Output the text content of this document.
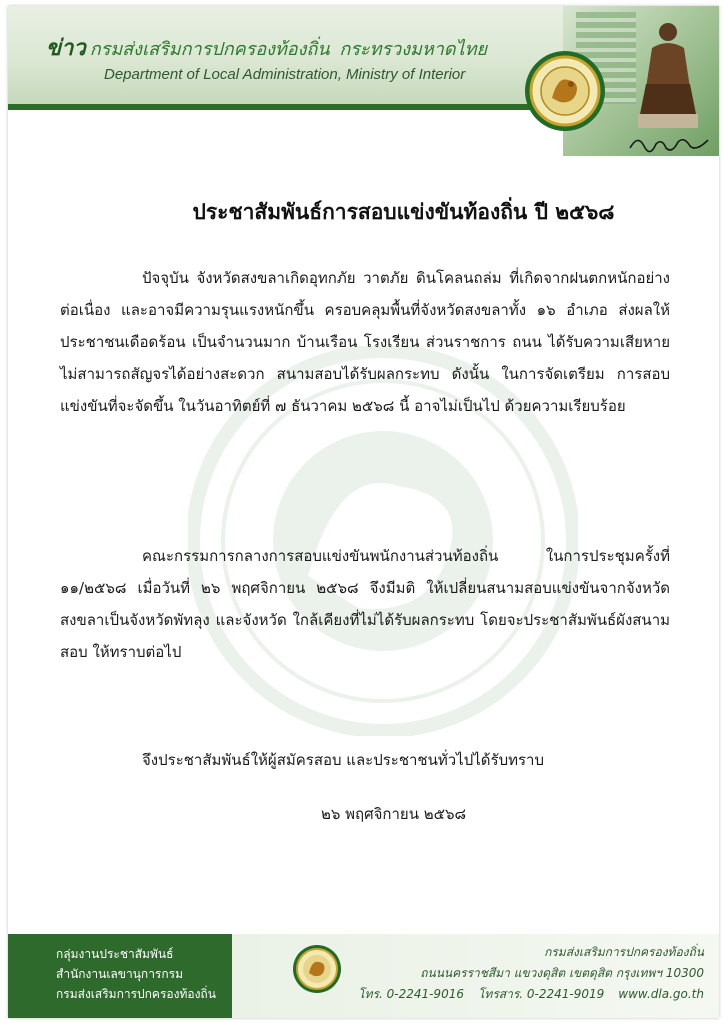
ข่าว กรมส่งเสริมการปกครองท้องถิ่น กระทรวงมหาดไทย
Department of Local Administration, Ministry of Interior
ประชาสัมพันธ์การสอบแข่งขันท้องถิ่น ปี ๒๕๖๘
ปัจจุบัน จังหวัดสงขลาเกิดอุทกภัย วาตภัย ดินโคลนถล่ม ที่เกิดจากฝนตกหนักอย่างต่อเนื่อง และอาจมีความรุนแรงหนักขึ้น ครอบคลุมพื้นที่จังหวัดสงขลาทั้ง ๑๖ อำเภอ ส่งผลให้ประชาชนเดือดร้อน เป็นจำนวนมาก บ้านเรือน โรงเรียน ส่วนราชการ ถนน ได้รับความเสียหาย ไม่สามารถสัญจรได้อย่างสะดวก สนามสอบได้รับผลกระทบ ดังนั้น ในการจัดเตรียม การสอบแข่งขันที่จะจัดขึ้น ในวันอาทิตย์ที่ ๗ ธันวาคม ๒๕๖๘ นี้ อาจไม่เป็นไป ด้วยความเรียบร้อย
คณะกรรมการกลางการสอบแข่งขันพนักงานส่วนท้องถิ่น ในการประชุมครั้งที่ ๑๑/๒๕๖๘ เมื่อวันที่ ๒๖ พฤศจิกายน ๒๕๖๘ จึงมีมติ ให้เปลี่ยนสนามสอบแข่งขันจากจังหวัดสงขลาเป็นจังหวัดพัทลุง และจังหวัด ใกล้เคียงที่ไม่ได้รับผลกระทบ โดยจะประชาสัมพันธ์ผังสนามสอบ ให้ทราบต่อไป
จึงประชาสัมพันธ์ให้ผู้สมัครสอบ และประชาชนทั่วไปได้รับทราบ
๒๖ พฤศจิกายน ๒๕๖๘
กลุ่มงานประชาสัมพันธ์
สำนักงานเลขานุการกรม
กรมส่งเสริมการปกครองท้องถิ่น
กรมส่งเสริมการปกครองท้องถิ่น
ถนนนครราชสีมา แขวงดุสิต เขตดุสิต กรุงเทพฯ 10300
โทร. 0-2241-9016 โทรสาร. 0-2241-9019 www.dla.go.th
